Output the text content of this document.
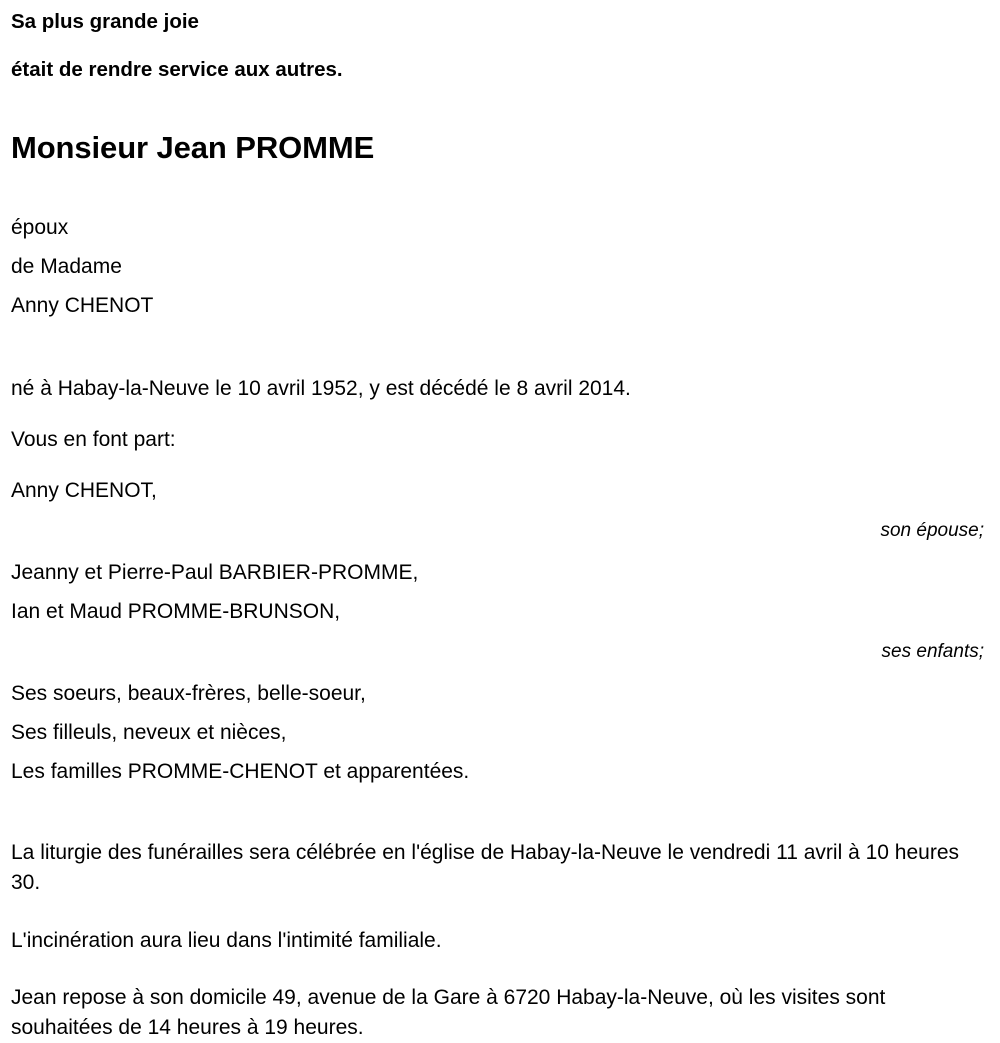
Sa plus grande joie
était de rendre service aux autres.
Monsieur Jean PROMME
époux
de Madame
Anny CHENOT
né à Habay-la-Neuve le 10 avril 1952, y est décédé le 8 avril 2014.
Vous en font part:
Anny CHENOT,
son épouse;
Jeanny et Pierre-Paul BARBIER-PROMME,
Ian et Maud PROMME-BRUNSON,
ses enfants;
Ses soeurs, beaux-frères, belle-soeur,
Ses filleuls, neveux et nièces,
Les familles PROMME-CHENOT et apparentées.

La liturgie des funérailles sera célébrée en l'église de Habay-la-Neuve le vendredi 11 avril à 10 heures 30.

L'incinération aura lieu dans l'intimité familiale.

Jean repose à son domicile 49, avenue de la Gare à 6720 Habay-la-Neuve, où les visites sont souhaitées de 14 heures à 19 heures.
